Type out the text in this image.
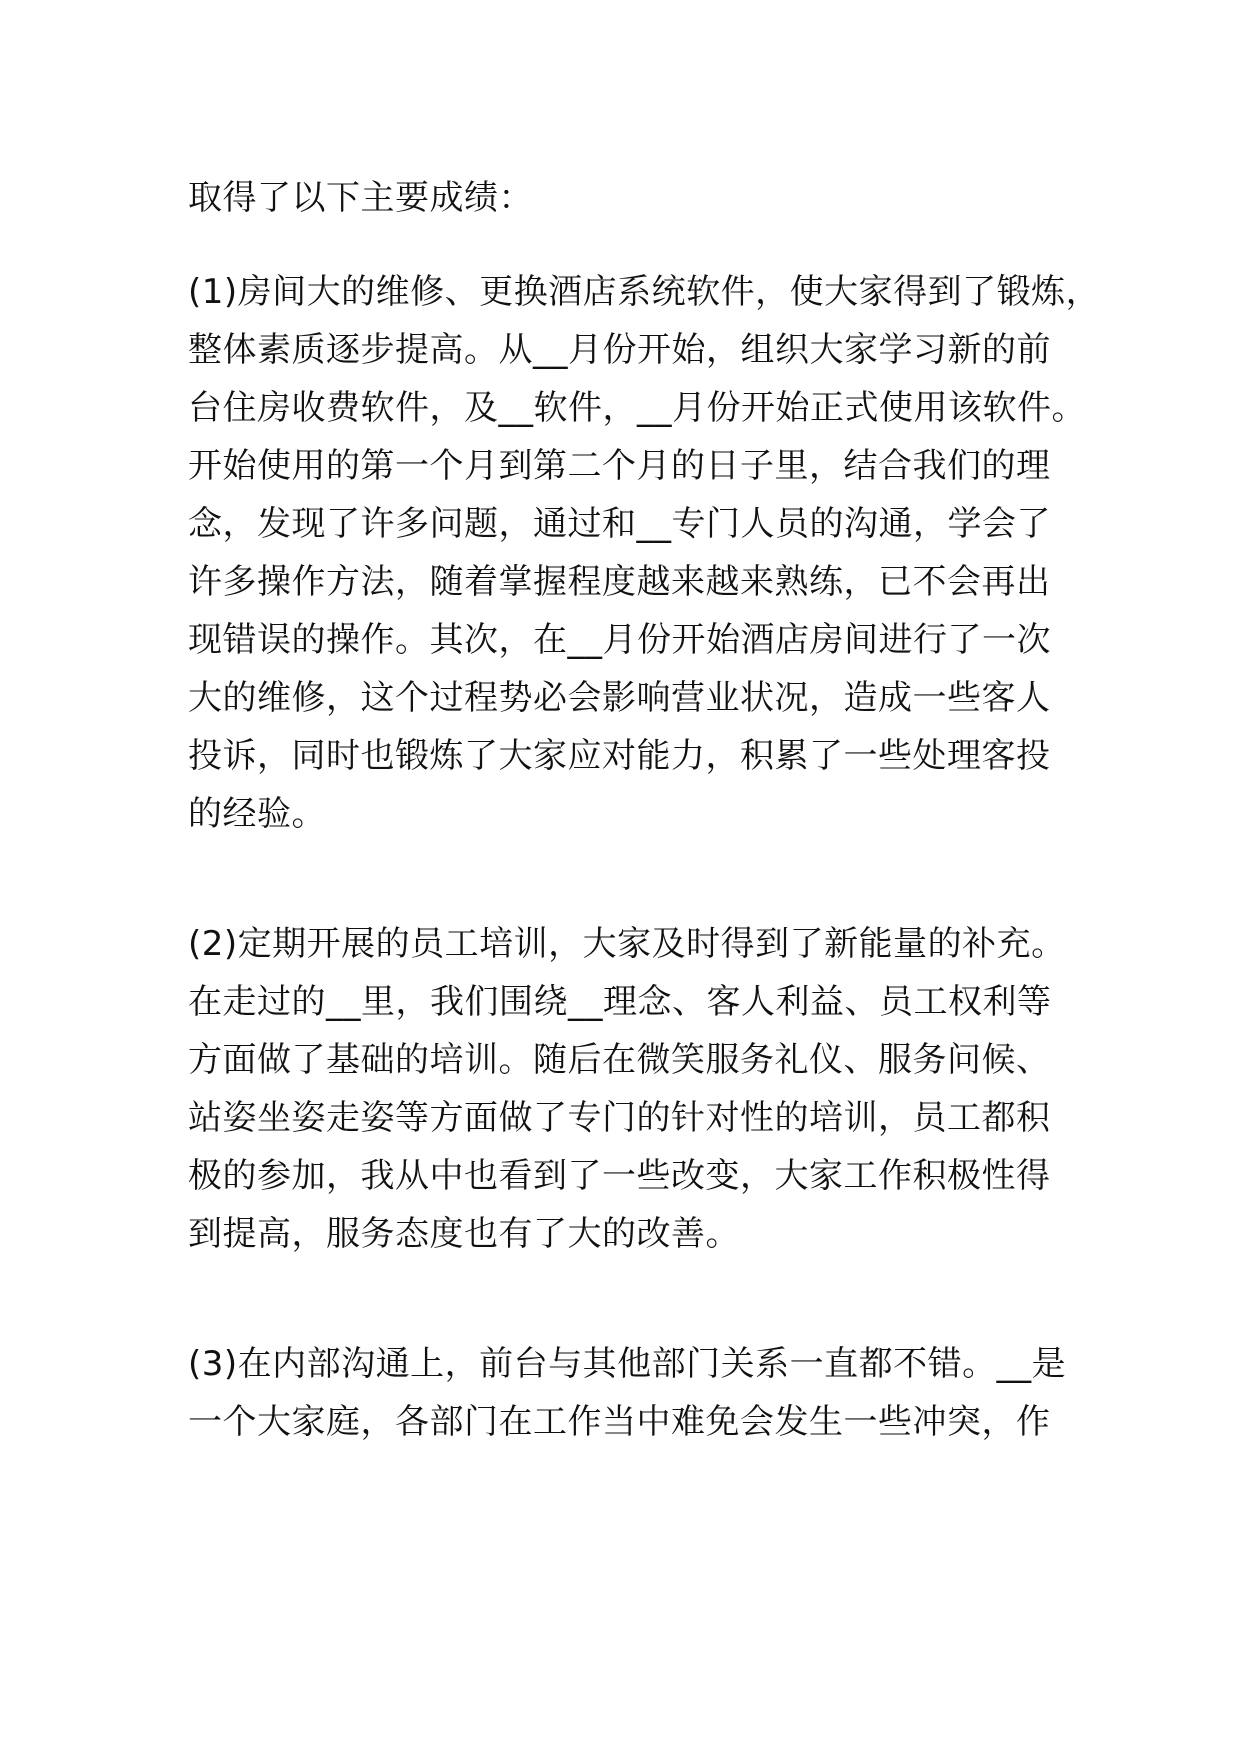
取得了以下主要成绩：
(1)房间大的维修、更换酒店系统软件，使大家得到了锻炼，
整体素质逐步提高。从__月份开始，组织大家学习新的前
台住房收费软件，及__软件，__月份开始正式使用该软件。
开始使用的第一个月到第二个月的日子里，结合我们的理
念，发现了许多问题，通过和__专门人员的沟通，学会了
许多操作方法，随着掌握程度越来越来熟练，已不会再出
现错误的操作。其次，在__月份开始酒店房间进行了一次
大的维修，这个过程势必会影响营业状况，造成一些客人
投诉，同时也锻炼了大家应对能力，积累了一些处理客投
的经验。
(2)定期开展的员工培训，大家及时得到了新能量的补充。
在走过的__里，我们围绕__理念、客人利益、员工权利等
方面做了基础的培训。随后在微笑服务礼仪、服务问候、
站姿坐姿走姿等方面做了专门的针对性的培训，员工都积
极的参加，我从中也看到了一些改变，大家工作积极性得
到提高，服务态度也有了大的改善。
(3)在内部沟通上，前台与其他部门关系一直都不错。__是
一个大家庭，各部门在工作当中难免会发生一些冲突，作
